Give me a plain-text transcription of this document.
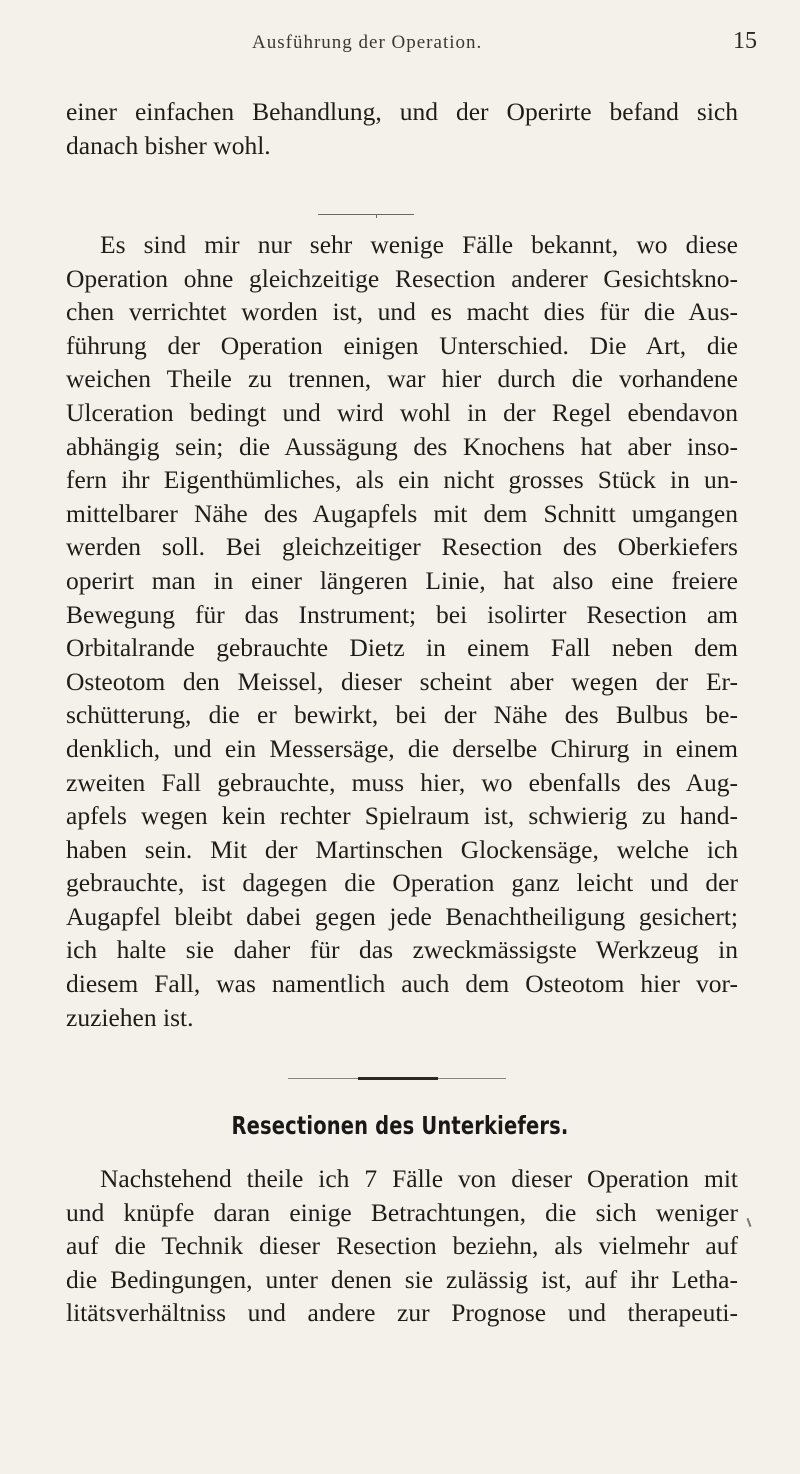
Ausführung der Operation.	15
einer einfachen Behandlung, und der Operirte befand sich
danach bisher wohl.
Es sind mir nur sehr wenige Fälle bekannt, wo diese
Operation ohne gleichzeitige Resection anderer Gesichtskno-
chen verrichtet worden ist, und es macht dies für die Aus-
führung der Operation einigen Unterschied. Die Art, die
weichen Theile zu trennen, war hier durch die vorhandene
Ulceration bedingt und wird wohl in der Regel ebendavon
abhängig sein; die Aussägung des Knochens hat aber inso-
fern ihr Eigenthümliches, als ein nicht grosses Stück in un-
mittelbarer Nähe des Augapfels mit dem Schnitt umgangen
werden soll. Bei gleichzeitiger Resection des Oberkiefers
operirt man in einer längeren Linie, hat also eine freiere
Bewegung für das Instrument; bei isolirter Resection am
Orbitalrande gebrauchte Dietz in einem Fall neben dem
Osteotom den Meissel, dieser scheint aber wegen der Er-
schütterung, die er bewirkt, bei der Nähe des Bulbus be-
denklich, und ein Messersäge, die derselbe Chirurg in einem
zweiten Fall gebrauchte, muss hier, wo ebenfalls des Aug-
apfels wegen kein rechter Spielraum ist, schwierig zu hand-
haben sein. Mit der Martinschen Glockensäge, welche ich
gebrauchte, ist dagegen die Operation ganz leicht und der
Augapfel bleibt dabei gegen jede Benachtheiligung gesichert;
ich halte sie daher für das zweckmässigste Werkzeug in
diesem Fall, was namentlich auch dem Osteotom hier vor-
zuziehen ist.
Resectionen des Unterkiefers.
Nachstehend theile ich 7 Fälle von dieser Operation mit
und knüpfe daran einige Betrachtungen, die sich weniger
auf die Technik dieser Resection beziehn, als vielmehr auf
die Bedingungen, unter denen sie zulässig ist, auf ihr Letha-
litätsverhältniss und andere zur Prognose und therapeuti-
